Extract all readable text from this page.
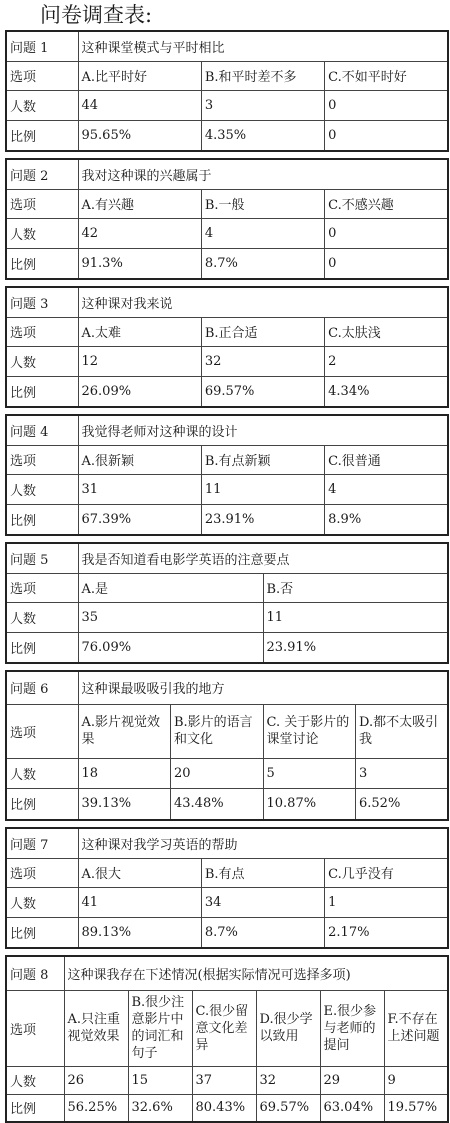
问卷调查表:
问题 1	这种课堂模式与平时相比		
选项	A.比平时好	B.和平时差不多	C.不如平时好
人数	44	3	0
比例	95.65%	4.35%	0
问题 2	我对这种课的兴趣属于		
选项	A.有兴趣	B.一般	C.不感兴趣
人数	42	4	0
比例	91.3%	8.7%	0
问题 3	这种课对我来说		
选项	A.太难	B.正合适	C.太肤浅
人数	12	32	2
比例	26.09%	69.57%	4.34%
问题 4	我觉得老师对这种课的设计		
选项	A.很新颖	B.有点新颖	C.很普通
人数	31	11	4
比例	67.39%	23.91%	8.9%
问题 5	我是否知道看电影学英语的注意要点	
选项	A.是	B.否
人数	35	11
比例	76.09%	23.91%
问题 6	这种课最吸吸引我的地方			
选项	A.影片视觉效果	B.影片的语言和文化	C. 关于影片的课堂讨论	D.都不太吸引我
人数	18	20	5	3
比例	39.13%	43.48%	10.87%	6.52%
问题 7	这种课对我学习英语的帮助		
选项	A.很大	B.有点	C.几乎没有
人数	41	34	1
比例	89.13%	8.7%	2.17%
问题 8	这种课我存在下述情况(根据实际情况可选择多项)					
选项	A.只注重视觉效果	B.很少注意影片中的词汇和句子	C.很少留意文化差异	D.很少学以致用	E.很少参与老师的提问	F.不存在上述问题
人数	26	15	37	32	29	9
比例	56.25%	32.6%	80.43%	69.57%	63.04%	19.57%
